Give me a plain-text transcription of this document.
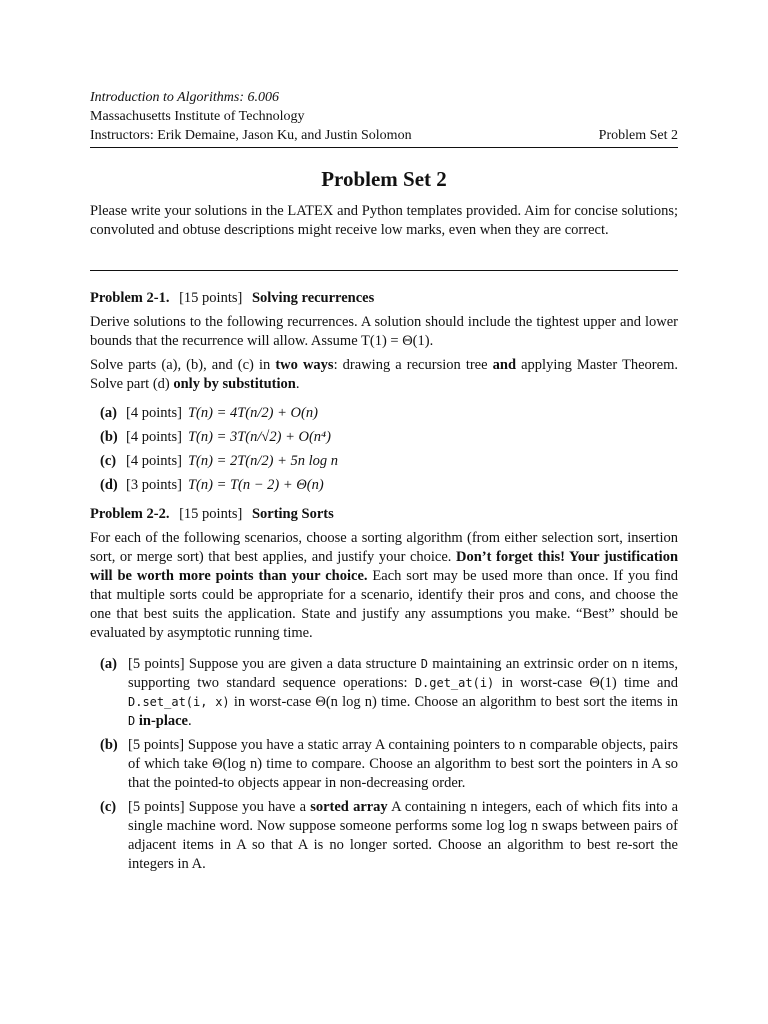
Introduction to Algorithms: 6.006
Massachusetts Institute of Technology
Instructors: Erik Demaine, Jason Ku, and Justin Solomon	Problem Set 2
Problem Set 2

Please write your solutions in the LATEX and Python templates provided. Aim for concise solutions; convoluted and obtuse descriptions might receive low marks, even when they are correct.

Problem 2-1. [15 points] Solving recurrences

Derive solutions to the following recurrences. A solution should include the tightest upper and lower bounds that the recurrence will allow. Assume T(1) = Θ(1).

Solve parts (a), (b), and (c) in two ways: drawing a recursion tree and applying Master Theorem. Solve part (d) only by substitution.

(a) [4 points] T(n) = 4T(n/2) + O(n)
(b) [4 points] T(n) = 3T(n/√2) + O(n⁴)
(c) [4 points] T(n) = 2T(n/2) + 5n log n
(d) [3 points] T(n) = T(n − 2) + Θ(n)
Problem 2-2. [15 points] Sorting Sorts

For each of the following scenarios, choose a sorting algorithm (from either selection sort, insertion sort, or merge sort) that best applies, and justify your choice. Don’t forget this! Your justification will be worth more points than your choice. Each sort may be used more than once. If you find that multiple sorts could be appropriate for a scenario, identify their pros and cons, and choose the one that best suits the application. State and justify any assumptions you make. “Best” should be evaluated by asymptotic running time.

(a) [5 points] Suppose you are given a data structure D maintaining an extrinsic order on n items, supporting two standard sequence operations: D.get_at(i) in worst-case Θ(1) time and D.set_at(i, x) in worst-case Θ(n log n) time. Choose an algorithm to best sort the items in D in-place.
(b) [5 points] Suppose you have a static array A containing pointers to n comparable objects, pairs of which take Θ(log n) time to compare. Choose an algorithm to best sort the pointers in A so that the pointed-to objects appear in non-decreasing order.
(c) [5 points] Suppose you have a sorted array A containing n integers, each of which fits into a single machine word. Now suppose someone performs some log log n swaps between pairs of adjacent items in A so that A is no longer sorted. Choose an algorithm to best re-sort the integers in A.
